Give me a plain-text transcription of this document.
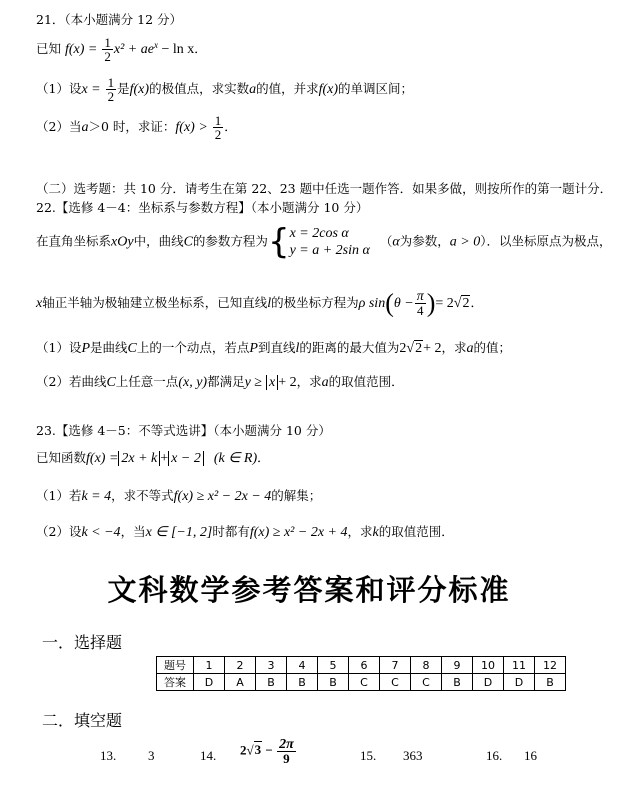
21．（本小题满分 12 分）
已知 $f(x) = \frac{1}{2} x^2 + ae^x - \ln x$．
（1）设$x = \frac{1}{2}$ 是f(x)的极值点，求实数a的值，并求f(x)的单调区间；
（2）当a＞0 时，求证：$f(x) > \frac{1}{2}$ ．
（二）选考题：共 10 分．请考生在第 22、23 题中任选一题作答．如果多做，则按所作的第一题计分．
22.【选修 4－4：坐标系与参数方程】（本小题满分 10 分）
在直角坐标系xOy中，曲线C的参数方程为{ x = 2cos α
y = a + 2sin α
（α为参数，a > 0）．以坐标原点为极点，
x轴正半轴为极轴建立极坐标系，已知直线l的极坐标方程为ρ $\sin(\theta - \frac{\pi}{4}$ )= 2√2．
（1）设P是曲线C上的一个动点，若点P到直线l的距离的最大值为2√2+ 2，求a的值；
（2）若曲线C上任意一点(x, y)都满足y ≥ x + 2，求a的取值范围．
23.【选修 4－5：不等式选讲】（本小题满分 10 分）
已知函数f(x) = 2x + k + x − 2 (k ∈ R)．
（1）若k = 4，求不等式f(x) ≥ x² − 2x − 4的解集；
（2）设k < −4，当x ∈ [−1, 2]时都有f(x) ≥ x² − 2x + 4，求k的取值范围．
文科数学参考答案和评分标准
一．选择题
题号	1	2	3	4	5	6	7	8	9	10	11	12
答案	D	A	B	B	B	C	C	C	B	D	D	B
二．填空题
13. 3	14. $2√3 - \frac{2\pi}{9}$	15. 363	16. 16
